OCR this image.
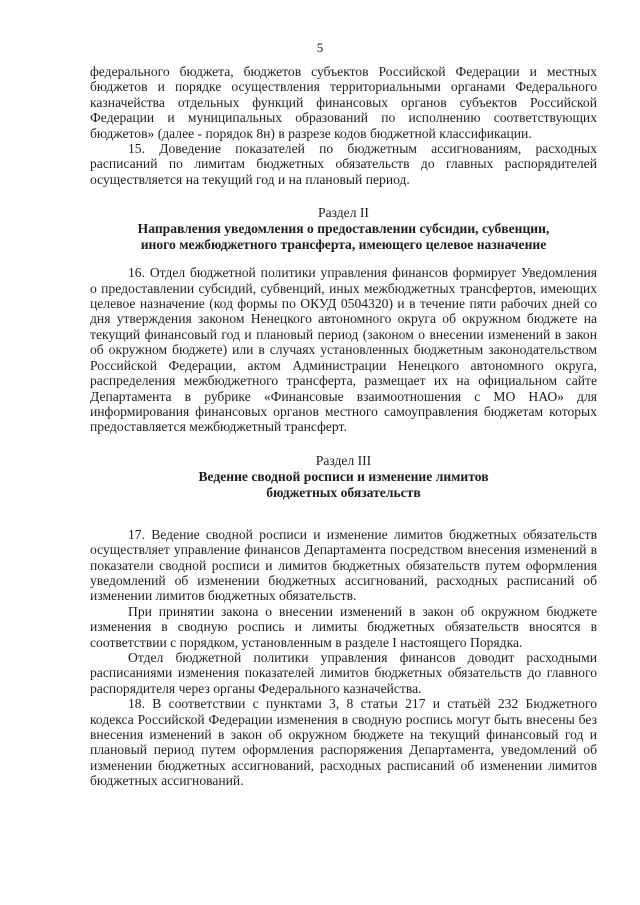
5

федерального бюджета, бюджетов субъектов Российской Федерации и местных бюджетов и порядке осуществления территориальными органами Федерального казначейства отдельных функций финансовых органов субъектов Российской Федерации и муниципальных образований по исполнению соответствующих бюджетов» (далее - порядок 8н) в разрезе кодов бюджетной классификации.

15. Доведение показателей по бюджетным ассигнованиям, расходных расписаний по лимитам бюджетных обязательств до главных распорядителей осуществляется на текущий год и на плановый период.

Раздел II
Направления уведомления о предоставлении субсидии, субвенции,
иного межбюджетного трансферта, имеющего целевое назначение

16. Отдел бюджетной политики управления финансов формирует Уведомления о предоставлении субсидий, субвенций, иных межбюджетных трансфертов, имеющих целевое назначение (код формы по ОКУД 0504320) и в течение пяти рабочих дней со дня утверждения законом Ненецкого автономного округа об окружном бюджете на текущий финансовый год и плановый период (законом о внесении изменений в закон об окружном бюджете) или в случаях установленных бюджетным законодательством Российской Федерации, актом Администрации Ненецкого автономного округа, распределения межбюджетного трансферта, размещает их на официальном сайте Департамента в рубрике «Финансовые взаимоотношения с МО НАО» для информирования финансовых органов местного самоуправления бюджетам которых предоставляется межбюджетный трансферт.

Раздел III
Ведение сводной росписи и изменение лимитов
бюджетных обязательств

17. Ведение сводной росписи и изменение лимитов бюджетных обязательств осуществляет управление финансов Департамента посредством внесения изменений в показатели сводной росписи и лимитов бюджетных обязательств путем оформления уведомлений об изменении бюджетных ассигнований, расходных расписаний об изменении лимитов бюджетных обязательств.

При принятии закона о внесении изменений в закон об окружном бюджете изменения в сводную роспись и лимиты бюджетных обязательств вносятся в соответствии с порядком, установленным в разделе I настоящего Порядка.

Отдел бюджетной политики управления финансов доводит расходными расписаниями изменения показателей лимитов бюджетных обязательств до главного распорядителя через органы Федерального казначейства.

18. В соответствии с пунктами 3, 8 статьи 217 и статьёй 232 Бюджетного кодекса Российской Федерации изменения в сводную роспись могут быть внесены без внесения изменений в закон об окружном бюджете на текущий финансовый год и плановый период путем оформления распоряжения Департамента, уведомлений об изменении бюджетных ассигнований, расходных расписаний об изменении лимитов бюджетных ассигнований.
